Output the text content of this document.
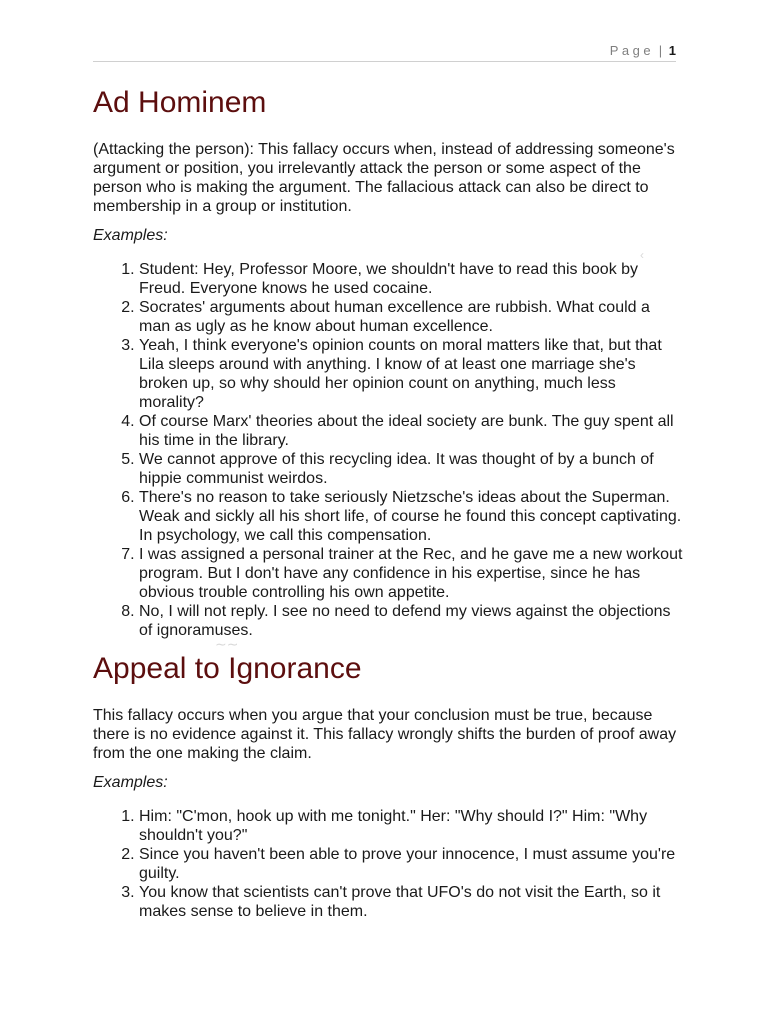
Page | 1
Ad Hominem

(Attacking the person): This fallacy occurs when, instead of addressing someone's argument or position, you irrelevantly attack the person or some aspect of the person who is making the argument. The fallacious attack can also be direct to membership in a group or institution.

Examples:

1. Student: Hey, Professor Moore, we shouldn't have to read this book by Freud. Everyone knows he used cocaine.
2. Socrates' arguments about human excellence are rubbish. What could a man as ugly as he know about human excellence.
3. Yeah, I think everyone's opinion counts on moral matters like that, but that Lila sleeps around with anything. I know of at least one marriage she's broken up, so why should her opinion count on anything, much less morality?
4. Of course Marx' theories about the ideal society are bunk. The guy spent all his time in the library.
5. We cannot approve of this recycling idea. It was thought of by a bunch of hippie communist weirdos.
6. There's no reason to take seriously Nietzsche's ideas about the Superman. Weak and sickly all his short life, of course he found this concept captivating. In psychology, we call this compensation.
7. I was assigned a personal trainer at the Rec, and he gave me a new workout program. But I don't have any confidence in his expertise, since he has obvious trouble controlling his own appetite.
8. No, I will not reply. I see no need to defend my views against the objections of ignoramuses.
Appeal to Ignorance

This fallacy occurs when you argue that your conclusion must be true, because there is no evidence against it. This fallacy wrongly shifts the burden of proof away from the one making the claim.

Examples:

1. Him: "C'mon, hook up with me tonight." Her: "Why should I?" Him: "Why shouldn't you?"
2. Since you haven't been able to prove your innocence, I must assume you're guilty.
3. You know that scientists can't prove that UFO's do not visit the Earth, so it makes sense to believe in them.
‹
∼∼
